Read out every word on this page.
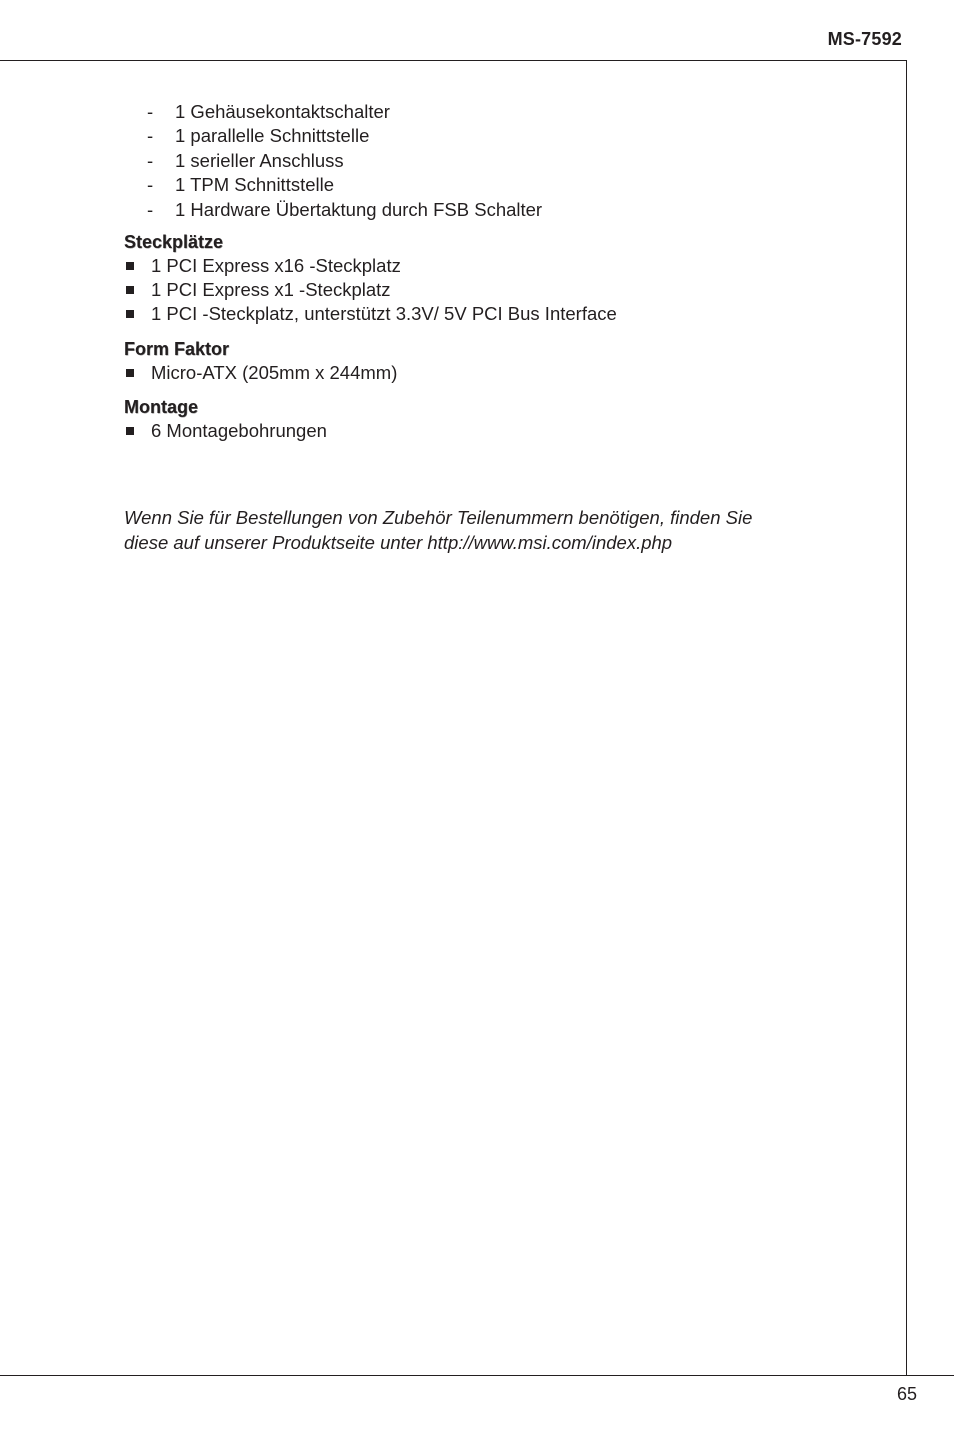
MS-7592
- 1 Gehäusekontaktschalter
- 1 parallelle Schnittstelle
- 1 serieller Anschluss
- 1 TPM Schnittstelle
- 1 Hardware Übertaktung durch FSB Schalter
Steckplätze
1 PCI Express x16 -Steckplatz
1 PCI Express x1 -Steckplatz
1 PCI -Steckplatz, unterstützt 3.3V/ 5V PCI Bus Interface
Form Faktor
Micro-ATX (205mm x 244mm)
Montage
6 Montagebohrungen
Wenn Sie für Bestellungen von Zubehör Teilenummern benötigen, finden Sie
diese auf unserer Produktseite unter http://www.msi.com/index.php
65
